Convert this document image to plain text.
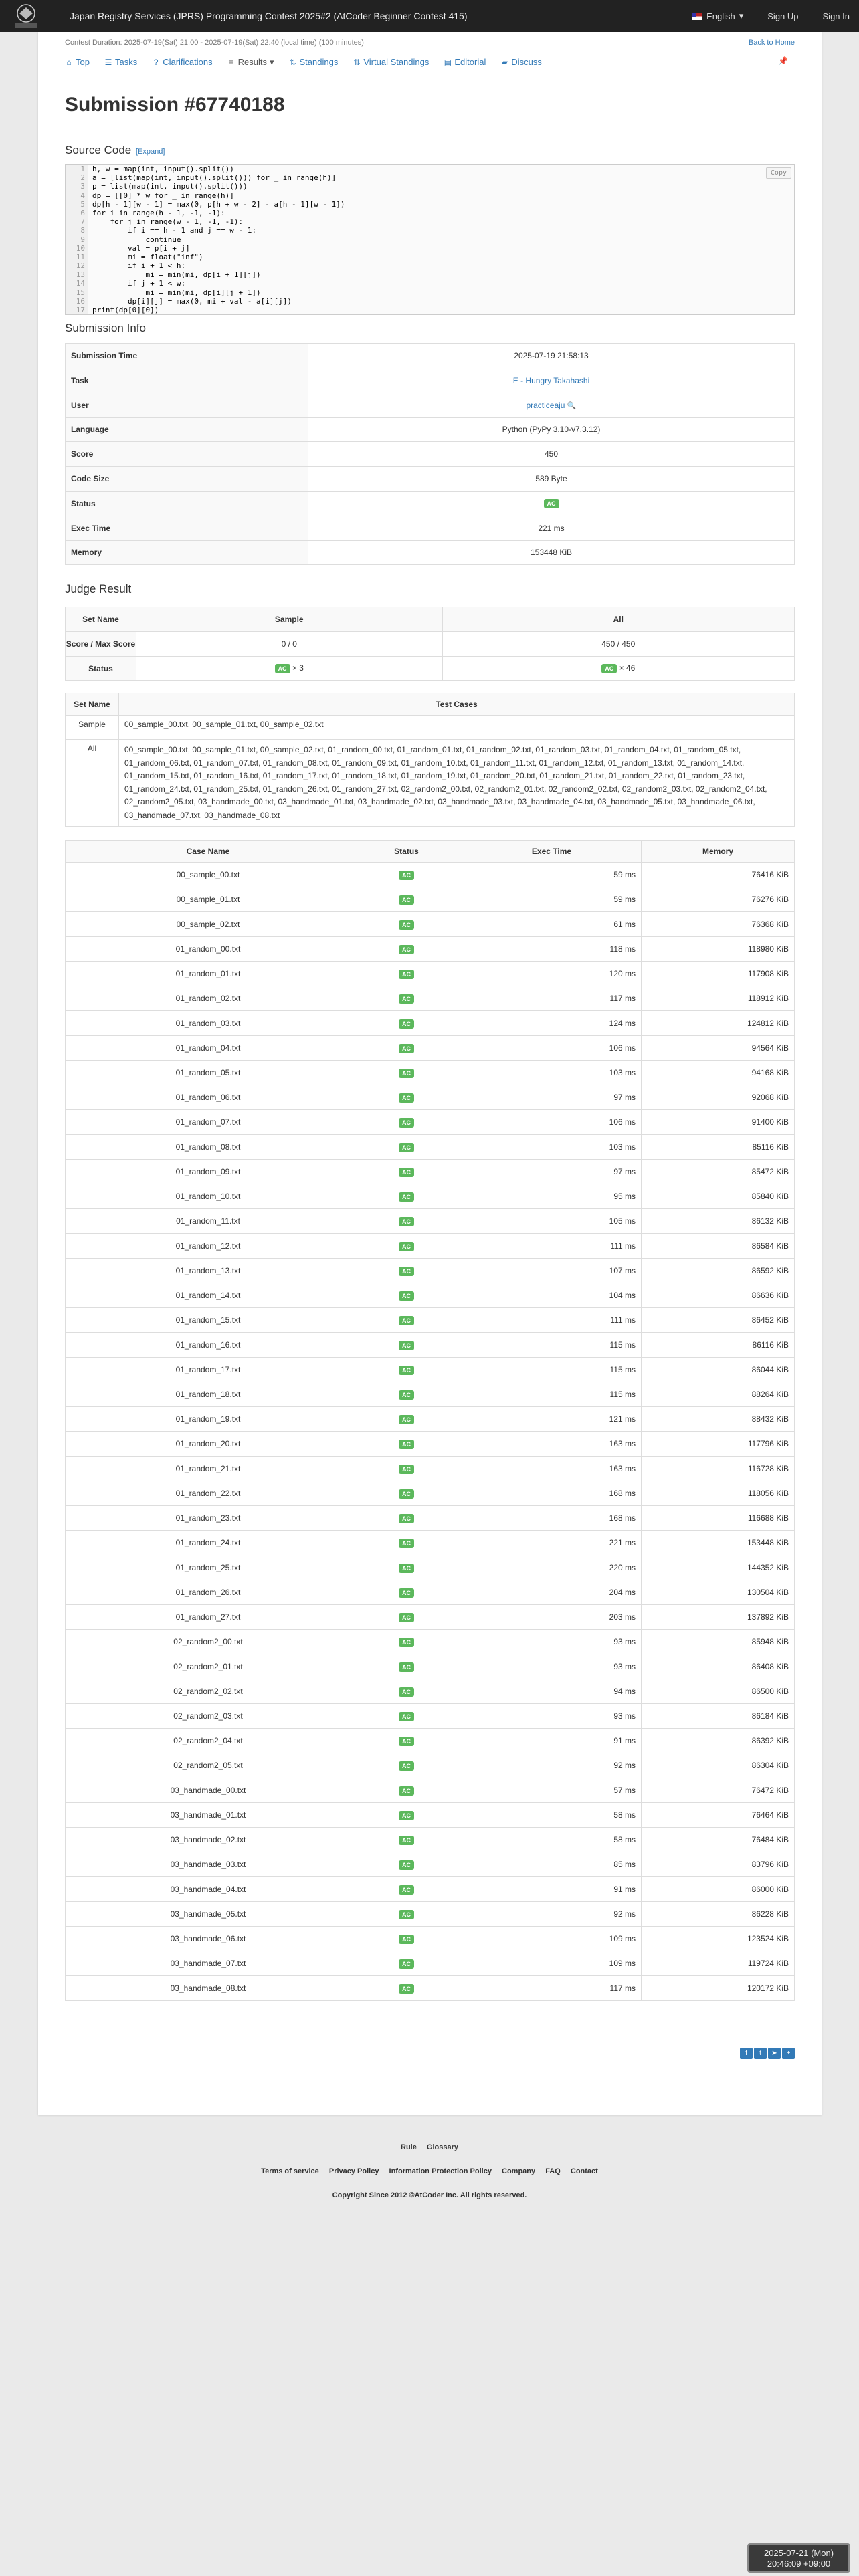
Japan Registry Services (JPRS) Programming Contest 2025#2 (AtCoder Beginner Contest 415)	English ▾	Sign Up	Sign In
Contest Duration: 2025-07-19(Sat) 21:00 - 2025-07-19(Sat) 22:40 (local time) (100 minutes)	Back to Home
⌂ Top ☰ Tasks ? Clarifications ≡ Results ▾ ⇅ Standings ⇅ Virtual Standings ▤ Editorial ▰ Discuss	📌
Submission #67740188
Source Code [Expand]
Copy
1	h, w = map(int, input().split())
2	a = [list(map(int, input().split())) for _ in range(h)]
3	p = list(map(int, input().split()))
4	dp = [[0] * w for _ in range(h)]
5	dp[h - 1][w - 1] = max(0, p[h + w - 2] - a[h - 1][w - 1])
6	for i in range(h - 1, -1, -1):
7	for j in range(w - 1, -1, -1):
8	if i == h - 1 and j == w - 1:
9	continue
10	val = p[i + j]
11	mi = float("inf")
12	if i + 1 < h:
13	mi = min(mi, dp[i + 1][j])
14	if j + 1 < w:
15	mi = min(mi, dp[i][j + 1])
16	dp[i][j] = max(0, mi + val - a[i][j])
17	print(dp[0][0])
Submission Info
Submission Time	2025-07-19 21:58:13
Task	E - Hungry Takahashi
User	practiceaju 🔍
Language	Python (PyPy 3.10-v7.3.12)
Score	450
Code Size	589 Byte
Status	AC
Exec Time	221 ms
Memory	153448 KiB
Judge Result
Set Name	Sample	All
Score / Max Score	0 / 0	450 / 450
Status	AC × 3	AC × 46
Set Name	Test Cases
Sample	00_sample_00.txt, 00_sample_01.txt, 00_sample_02.txt
All	00_sample_00.txt, 00_sample_01.txt, 00_sample_02.txt, 01_random_00.txt, 01_random_01.txt, 01_random_02.txt, 01_random_03.txt, 01_random_04.txt, 01_random_05.txt, 01_random_06.txt, 01_random_07.txt, 01_random_08.txt, 01_random_09.txt, 01_random_10.txt, 01_random_11.txt, 01_random_12.txt, 01_random_13.txt, 01_random_14.txt, 01_random_15.txt, 01_random_16.txt, 01_random_17.txt, 01_random_18.txt, 01_random_19.txt, 01_random_20.txt, 01_random_21.txt, 01_random_22.txt, 01_random_23.txt, 01_random_24.txt, 01_random_25.txt, 01_random_26.txt, 01_random_27.txt, 02_random2_00.txt, 02_random2_01.txt, 02_random2_02.txt, 02_random2_03.txt, 02_random2_04.txt, 02_random2_05.txt, 03_handmade_00.txt, 03_handmade_01.txt, 03_handmade_02.txt, 03_handmade_03.txt, 03_handmade_04.txt, 03_handmade_05.txt, 03_handmade_06.txt, 03_handmade_07.txt, 03_handmade_08.txt
Case Name	Status	Exec Time	Memory
00_sample_00.txt	AC	59 ms	76416 KiB
00_sample_01.txt	AC	59 ms	76276 KiB
00_sample_02.txt	AC	61 ms	76368 KiB
01_random_00.txt	AC	118 ms	118980 KiB
01_random_01.txt	AC	120 ms	117908 KiB
01_random_02.txt	AC	117 ms	118912 KiB
01_random_03.txt	AC	124 ms	124812 KiB
01_random_04.txt	AC	106 ms	94564 KiB
01_random_05.txt	AC	103 ms	94168 KiB
01_random_06.txt	AC	97 ms	92068 KiB
01_random_07.txt	AC	106 ms	91400 KiB
01_random_08.txt	AC	103 ms	85116 KiB
01_random_09.txt	AC	97 ms	85472 KiB
01_random_10.txt	AC	95 ms	85840 KiB
01_random_11.txt	AC	105 ms	86132 KiB
01_random_12.txt	AC	111 ms	86584 KiB
01_random_13.txt	AC	107 ms	86592 KiB
01_random_14.txt	AC	104 ms	86636 KiB
01_random_15.txt	AC	111 ms	86452 KiB
01_random_16.txt	AC	115 ms	86116 KiB
01_random_17.txt	AC	115 ms	86044 KiB
01_random_18.txt	AC	115 ms	88264 KiB
01_random_19.txt	AC	121 ms	88432 KiB
01_random_20.txt	AC	163 ms	117796 KiB
01_random_21.txt	AC	163 ms	116728 KiB
01_random_22.txt	AC	168 ms	118056 KiB
01_random_23.txt	AC	168 ms	116688 KiB
01_random_24.txt	AC	221 ms	153448 KiB
01_random_25.txt	AC	220 ms	144352 KiB
01_random_26.txt	AC	204 ms	130504 KiB
01_random_27.txt	AC	203 ms	137892 KiB
02_random2_00.txt	AC	93 ms	85948 KiB
02_random2_01.txt	AC	93 ms	86408 KiB
02_random2_02.txt	AC	94 ms	86500 KiB
02_random2_03.txt	AC	93 ms	86184 KiB
02_random2_04.txt	AC	91 ms	86392 KiB
02_random2_05.txt	AC	92 ms	86304 KiB
03_handmade_00.txt	AC	57 ms	76472 KiB
03_handmade_01.txt	AC	58 ms	76464 KiB
03_handmade_02.txt	AC	58 ms	76484 KiB
03_handmade_03.txt	AC	85 ms	83796 KiB
03_handmade_04.txt	AC	91 ms	86000 KiB
03_handmade_05.txt	AC	92 ms	86228 KiB
03_handmade_06.txt	AC	109 ms	123524 KiB
03_handmade_07.txt	AC	109 ms	119724 KiB
03_handmade_08.txt	AC	117 ms	120172 KiB
f	t	➤	+
Rule Glossary
Terms of service Privacy Policy Information Protection Policy Company FAQ Contact
Copyright Since 2012 ©AtCoder Inc. All rights reserved.
2025-07-21 (Mon)
20:46:09 +09:00
